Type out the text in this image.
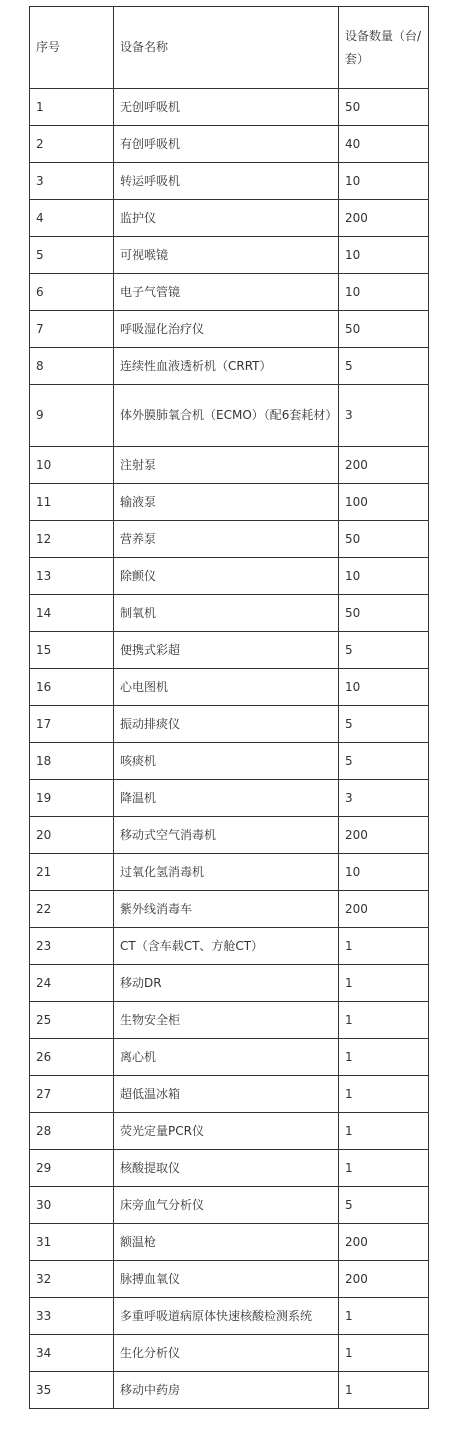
序号	设备名称	设备数量（台/套）
1	无创呼吸机	50
2	有创呼吸机	40
3	转运呼吸机	10
4	监护仪	200
5	可视喉镜	10
6	电子气管镜	10
7	呼吸湿化治疗仪	50
8	连续性血液透析机（CRRT）	5
9	体外膜肺氧合机（ECMO）（配6套耗材）	3
10	注射泵	200
11	输液泵	100
12	营养泵	50
13	除颤仪	10
14	制氧机	50
15	便携式彩超	5
16	心电图机	10
17	振动排痰仪	5
18	咳痰机	5
19	降温机	3
20	移动式空气消毒机	200
21	过氧化氢消毒机	10
22	紫外线消毒车	200
23	CT（含车载CT、方舱CT）	1
24	移动DR	1
25	生物安全柜	1
26	离心机	1
27	超低温冰箱	1
28	荧光定量PCR仪	1
29	核酸提取仪	1
30	床旁血气分析仪	5
31	额温枪	200
32	脉搏血氧仪	200
33	多重呼吸道病原体快速核酸检测系统	1
34	生化分析仪	1
35	移动中药房	1
